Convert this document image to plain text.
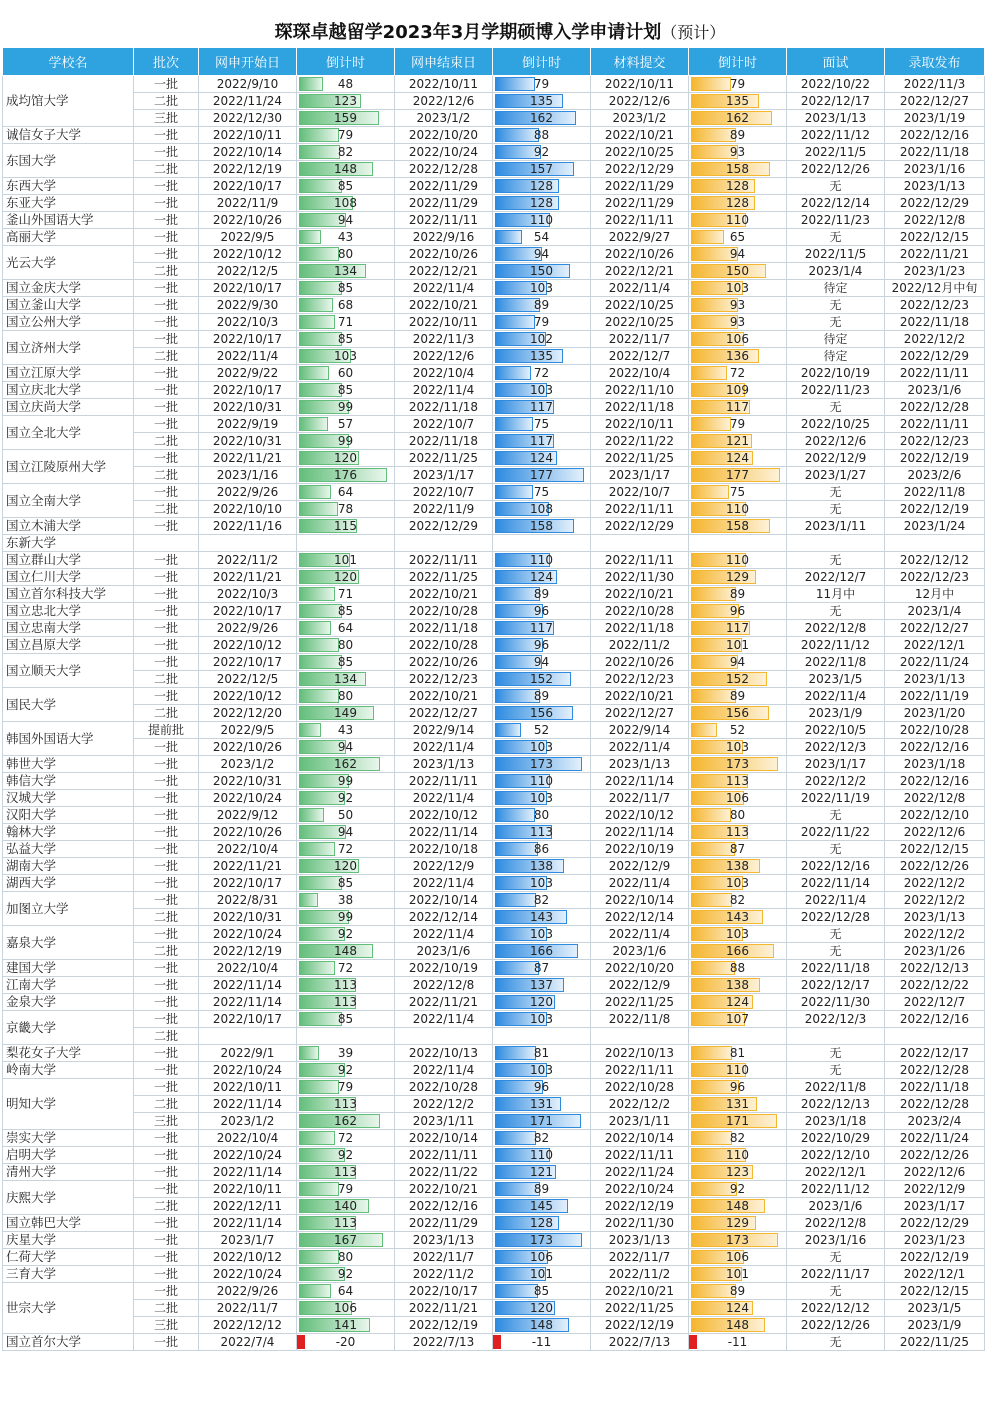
琛琛卓越留学2023年3月学期硕博入学申请计划（预计）
学校名	批次	网申开始日	倒计时	网申结束日	倒计时	材料提交	倒计时	面试	录取发布
成均馆大学	一批	2022/9/10	48	2022/10/11	79	2022/10/11	79	2022/10/22	2022/11/3
	二批	2022/11/24	123	2022/12/6	135	2022/12/6	135	2022/12/17	2022/12/27
	三批	2022/12/30	159	2023/1/2	162	2023/1/2	162	2023/1/13	2023/1/19
诚信女子大学	一批	2022/10/11	79	2022/10/20	88	2022/10/21	89	2022/11/12	2022/12/16
东国大学	一批	2022/10/14	82	2022/10/24	92	2022/10/25	93	2022/11/5	2022/11/18
	二批	2022/12/19	148	2022/12/28	157	2022/12/29	158	2022/12/26	2023/1/16
东西大学	一批	2022/10/17	85	2022/11/29	128	2022/11/29	128	无	2023/1/13
东亚大学	一批	2022/11/9	108	2022/11/29	128	2022/11/29	128	2022/12/14	2022/12/29
釜山外国语大学	一批	2022/10/26	94	2022/11/11	110	2022/11/11	110	2022/11/23	2022/12/8
高丽大学	一批	2022/9/5	43	2022/9/16	54	2022/9/27	65	无	2022/12/15
光云大学	一批	2022/10/12	80	2022/10/26	94	2022/10/26	94	2022/11/5	2022/11/21
	二批	2022/12/5	134	2022/12/21	150	2022/12/21	150	2023/1/4	2023/1/23
国立金庆大学	一批	2022/10/17	85	2022/11/4	103	2022/11/4	103	待定	2022/12月中旬
国立釜山大学	一批	2022/9/30	68	2022/10/21	89	2022/10/25	93	无	2022/12/23
国立公州大学	一批	2022/10/3	71	2022/10/11	79	2022/10/25	93	无	2022/11/18
国立济州大学	一批	2022/10/17	85	2022/11/3	102	2022/11/7	106	待定	2022/12/2
	二批	2022/11/4	103	2022/12/6	135	2022/12/7	136	待定	2022/12/29
国立江原大学	一批	2022/9/22	60	2022/10/4	72	2022/10/4	72	2022/10/19	2022/11/11
国立庆北大学	一批	2022/10/17	85	2022/11/4	103	2022/11/10	109	2022/11/23	2023/1/6
国立庆尚大学	一批	2022/10/31	99	2022/11/18	117	2022/11/18	117	无	2022/12/28
国立全北大学	一批	2022/9/19	57	2022/10/7	75	2022/10/11	79	2022/10/25	2022/11/11
	二批	2022/10/31	99	2022/11/18	117	2022/11/22	121	2022/12/6	2022/12/23
国立江陵原州大学	一批	2022/11/21	120	2022/11/25	124	2022/11/25	124	2022/12/9	2022/12/19
	二批	2023/1/16	176	2023/1/17	177	2023/1/17	177	2023/1/27	2023/2/6
国立全南大学	一批	2022/9/26	64	2022/10/7	75	2022/10/7	75	无	2022/11/8
	二批	2022/10/10	78	2022/11/9	108	2022/11/11	110	无	2022/12/19
国立木浦大学	一批	2022/11/16	115	2022/12/29	158	2022/12/29	158	2023/1/11	2023/1/24
东新大学									
国立群山大学	一批	2022/11/2	101	2022/11/11	110	2022/11/11	110	无	2022/12/12
国立仁川大学	一批	2022/11/21	120	2022/11/25	124	2022/11/30	129	2022/12/7	2022/12/23
国立首尔科技大学	一批	2022/10/3	71	2022/10/21	89	2022/10/21	89	11月中	12月中
国立忠北大学	一批	2022/10/17	85	2022/10/28	96	2022/10/28	96	无	2023/1/4
国立忠南大学	一批	2022/9/26	64	2022/11/18	117	2022/11/18	117	2022/12/8	2022/12/27
国立昌原大学	一批	2022/10/12	80	2022/10/28	96	2022/11/2	101	2022/11/12	2022/12/1
国立顺天大学	一批	2022/10/17	85	2022/10/26	94	2022/10/26	94	2022/11/8	2022/11/24
	二批	2022/12/5	134	2022/12/23	152	2022/12/23	152	2023/1/5	2023/1/13
国民大学	一批	2022/10/12	80	2022/10/21	89	2022/10/21	89	2022/11/4	2022/11/19
	二批	2022/12/20	149	2022/12/27	156	2022/12/27	156	2023/1/9	2023/1/20
韩国外国语大学	提前批	2022/9/5	43	2022/9/14	52	2022/9/14	52	2022/10/5	2022/10/28
	一批	2022/10/26	94	2022/11/4	103	2022/11/4	103	2022/12/3	2022/12/16
韩世大学	一批	2023/1/2	162	2023/1/13	173	2023/1/13	173	2023/1/17	2023/1/18
韩信大学	一批	2022/10/31	99	2022/11/11	110	2022/11/14	113	2022/12/2	2022/12/16
汉城大学	一批	2022/10/24	92	2022/11/4	103	2022/11/7	106	2022/11/19	2022/12/8
汉阳大学	一批	2022/9/12	50	2022/10/12	80	2022/10/12	80	无	2022/12/10
翰林大学	一批	2022/10/26	94	2022/11/14	113	2022/11/14	113	2022/11/22	2022/12/6
弘益大学	一批	2022/10/4	72	2022/10/18	86	2022/10/19	87	无	2022/12/15
湖南大学	一批	2022/11/21	120	2022/12/9	138	2022/12/9	138	2022/12/16	2022/12/26
湖西大学	一批	2022/10/17	85	2022/11/4	103	2022/11/4	103	2022/11/14	2022/12/2
加图立大学	一批	2022/8/31	38	2022/10/14	82	2022/10/14	82	2022/11/4	2022/12/2
	二批	2022/10/31	99	2022/12/14	143	2022/12/14	143	2022/12/28	2023/1/13
嘉泉大学	一批	2022/10/24	92	2022/11/4	103	2022/11/4	103	无	2022/12/2
	二批	2022/12/19	148	2023/1/6	166	2023/1/6	166	无	2023/1/26
建国大学	一批	2022/10/4	72	2022/10/19	87	2022/10/20	88	2022/11/18	2022/12/13
江南大学	一批	2022/11/14	113	2022/12/8	137	2022/12/9	138	2022/12/17	2022/12/22
金泉大学	一批	2022/11/14	113	2022/11/21	120	2022/11/25	124	2022/11/30	2022/12/7
京畿大学	一批	2022/10/17	85	2022/11/4	103	2022/11/8	107	2022/12/3	2022/12/16
	二批								
梨花女子大学	一批	2022/9/1	39	2022/10/13	81	2022/10/13	81	无	2022/12/17
岭南大学	一批	2022/10/24	92	2022/11/4	103	2022/11/11	110	无	2022/12/28
明知大学	一批	2022/10/11	79	2022/10/28	96	2022/10/28	96	2022/11/8	2022/11/18
	二批	2022/11/14	113	2022/12/2	131	2022/12/2	131	2022/12/13	2022/12/28
	三批	2023/1/2	162	2023/1/11	171	2023/1/11	171	2023/1/18	2023/2/4
崇实大学	一批	2022/10/4	72	2022/10/14	82	2022/10/14	82	2022/10/29	2022/11/24
启明大学	一批	2022/10/24	92	2022/11/11	110	2022/11/11	110	2022/12/10	2022/12/26
清州大学	一批	2022/11/14	113	2022/11/22	121	2022/11/24	123	2022/12/1	2022/12/6
庆熙大学	一批	2022/10/11	79	2022/10/21	89	2022/10/24	92	2022/11/12	2022/12/9
	二批	2022/12/11	140	2022/12/16	145	2022/12/19	148	2023/1/6	2023/1/17
国立韩巴大学	一批	2022/11/14	113	2022/11/29	128	2022/11/30	129	2022/12/8	2022/12/29
庆星大学	一批	2023/1/7	167	2023/1/13	173	2023/1/13	173	2023/1/16	2023/1/23
仁荷大学	一批	2022/10/12	80	2022/11/7	106	2022/11/7	106	无	2022/12/19
三育大学	一批	2022/10/24	92	2022/11/2	101	2022/11/2	101	2022/11/17	2022/12/1
世宗大学	一批	2022/9/26	64	2022/10/17	85	2022/10/21	89	无	2022/12/15
	二批	2022/11/7	106	2022/11/21	120	2022/11/25	124	2022/12/12	2023/1/5
	三批	2022/12/12	141	2022/12/19	148	2022/12/19	148	2022/12/26	2023/1/9
国立首尔大学	一批	2022/7/4	-20	2022/7/13	-11	2022/7/13	-11	无	2022/11/25
